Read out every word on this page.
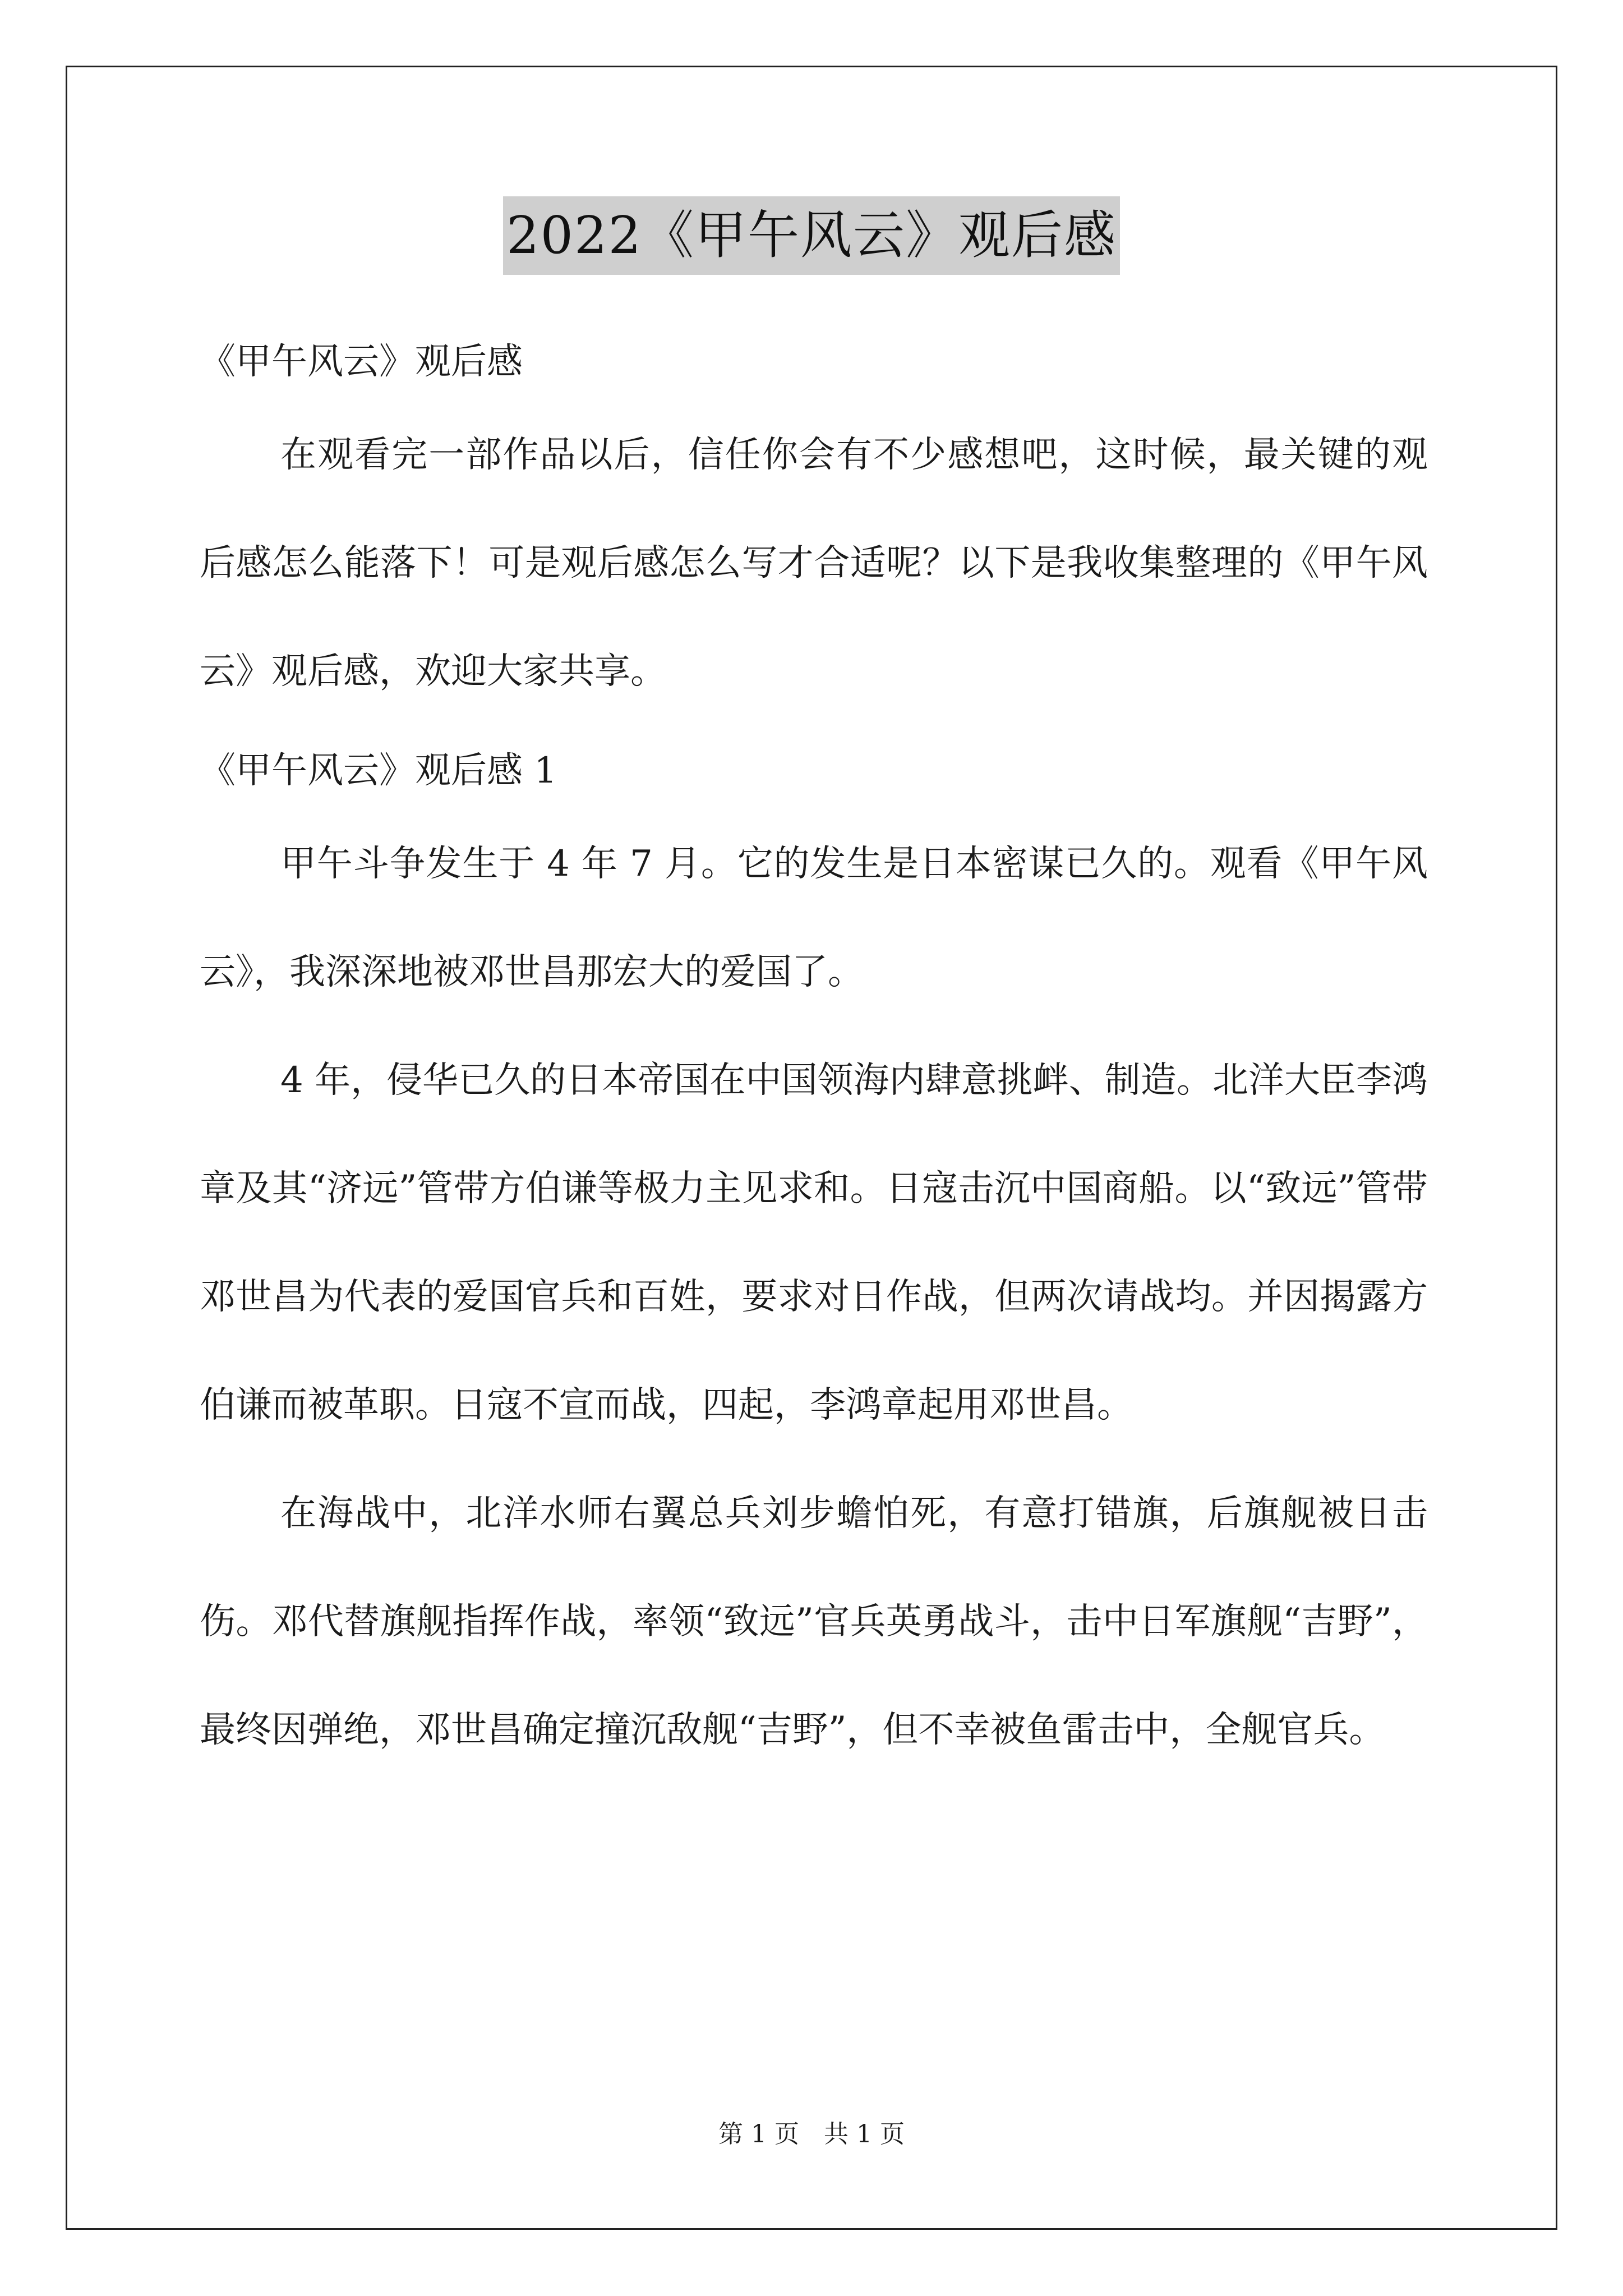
2022《甲午风云》观后感

《甲午风云》观后感

在观看完一部作品以后，信任你会有不少感想吧，这时候，最关键的观后感怎么能落下！可是观后感怎么写才合适呢？以下是我收集整理的《甲午风云》观后感，欢迎大家共享。

《甲午风云》观后感 1

甲午斗争发生于 4 年 7 月。它的发生是日本密谋已久的。观看《甲午风云》，我深深地被邓世昌那宏大的爱国了。

4 年，侵华已久的日本帝国在中国领海内肆意挑衅、制造。北洋大臣李鸿章及其“济远”管带方伯谦等极力主见求和。日寇击沉中国商船。以“致远”管带邓世昌为代表的爱国官兵和百姓，要求对日作战，但两次请战均。并因揭露方伯谦而被革职。日寇不宣而战，四起，李鸿章起用邓世昌。

在海战中，北洋水师右翼总兵刘步蟾怕死，有意打错旗，后旗舰被日击伤。邓代替旗舰指挥作战，率领“致远”官兵英勇战斗，击中日军旗舰“吉野”，最终因弹绝，邓世昌确定撞沉敌舰“吉野”，但不幸被鱼雷击中，全舰官兵。

第 1 页　共 1 页
